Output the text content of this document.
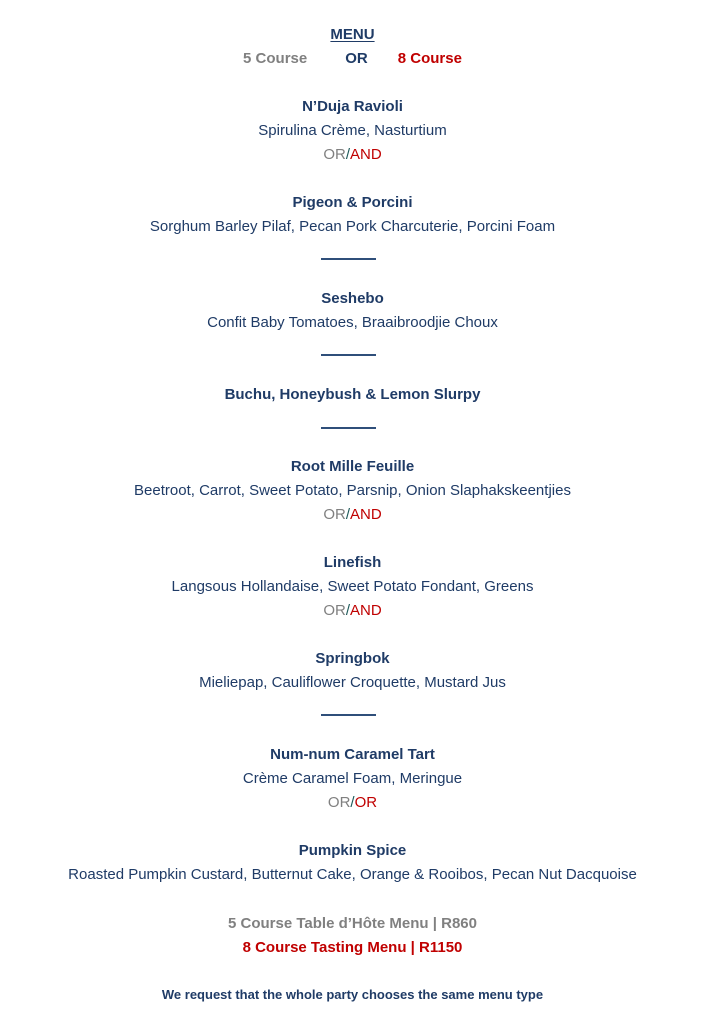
MENU
5 Course	OR 8 Course
N’Duja Ravioli
Spirulina Crème, Nasturtium
OR/AND
Pigeon & Porcini
Sorghum Barley Pilaf, Pecan Pork Charcuterie, Porcini Foam
Seshebo
Confit Baby Tomatoes, Braaibroodjie Choux
Buchu, Honeybush & Lemon Slurpy
Root Mille Feuille
Beetroot, Carrot, Sweet Potato, Parsnip, Onion Slaphakskeentjies
OR/AND
Linefish
Langsous Hollandaise, Sweet Potato Fondant, Greens
OR/AND
Springbok
Mieliepap, Cauliflower Croquette, Mustard Jus
Num-num Caramel Tart
Crème Caramel Foam, Meringue
OR/OR
Pumpkin Spice
Roasted Pumpkin Custard, Butternut Cake, Orange & Rooibos, Pecan Nut Dacquoise
5 Course Table d’Hôte Menu | R860
8 Course Tasting Menu | R1150
We request that the whole party chooses the same menu type
